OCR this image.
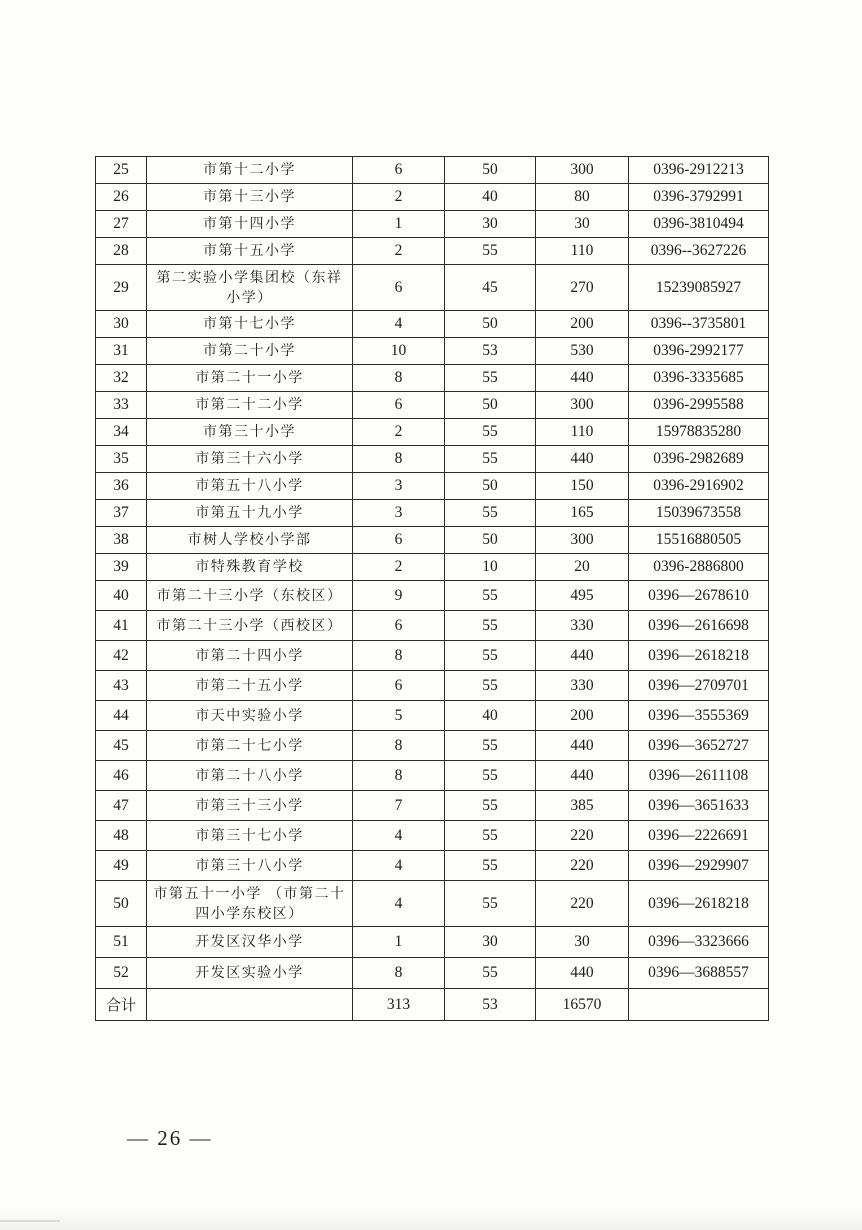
25	市第十二小学	6	50	300	0396-2912213
26	市第十三小学	2	40	80	0396-3792991
27	市第十四小学	1	30	30	0396-3810494
28	市第十五小学	2	55	110	0396--3627226
29	第二实验小学集团校（东祥小学）	6	45	270	15239085927
30	市第十七小学	4	50	200	0396--3735801
31	市第二十小学	10	53	530	0396-2992177
32	市第二十一小学	8	55	440	0396-3335685
33	市第二十二小学	6	50	300	0396-2995588
34	市第三十小学	2	55	110	15978835280
35	市第三十六小学	8	55	440	0396-2982689
36	市第五十八小学	3	50	150	0396-2916902
37	市第五十九小学	3	55	165	15039673558
38	市树人学校小学部	6	50	300	15516880505
39	市特殊教育学校	2	10	20	0396-2886800
40	市第二十三小学（东校区）	9	55	495	0396—2678610
41	市第二十三小学（西校区）	6	55	330	0396—2616698
42	市第二十四小学	8	55	440	0396—2618218
43	市第二十五小学	6	55	330	0396—2709701
44	市天中实验小学	5	40	200	0396—3555369
45	市第二十七小学	8	55	440	0396—3652727
46	市第二十八小学	8	55	440	0396—2611108
47	市第三十三小学	7	55	385	0396—3651633
48	市第三十七小学	4	55	220	0396—2226691
49	市第三十八小学	4	55	220	0396—2929907
50	市第五十一小学 （市第二十四小学东校区）	4	55	220	0396—2618218
51	开发区汉华小学	1	30	30	0396—3323666
52	开发区实验小学	8	55	440	0396—3688557
合计		313	53	16570	
— 26 —
